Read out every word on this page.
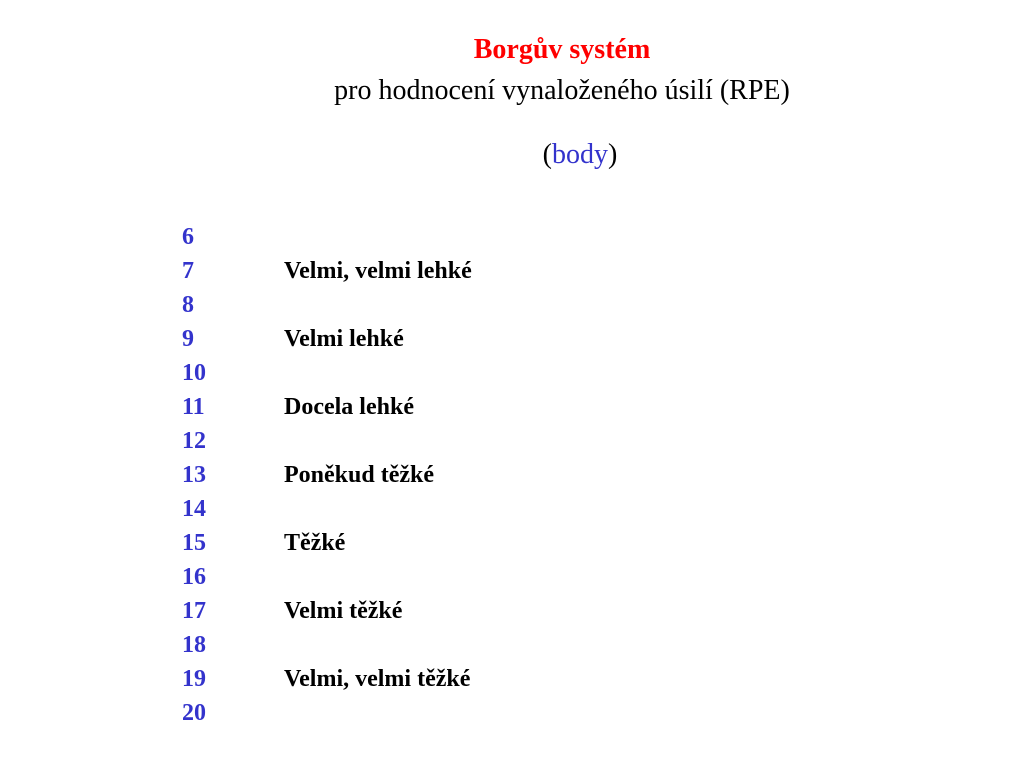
Borgův systém
pro hodnocení vynaloženého úsilí (RPE)
(body)
6
7	Velmi, velmi lehké
8
9	Velmi lehké
10
11	Docela lehké
12
13	Poněkud těžké
14
15	Těžké
16
17	Velmi těžké
18
19	Velmi, velmi těžké
20
